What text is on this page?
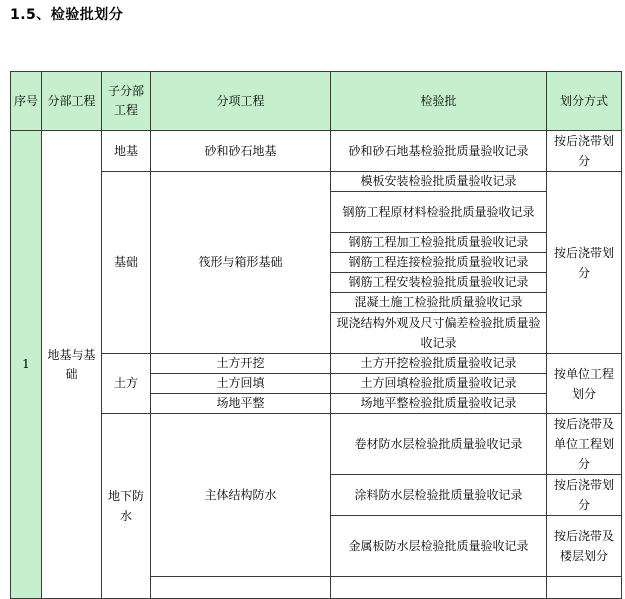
1.5、检验批划分
序号	分部工程	子分部工程	分项工程	检验批	划分方式
1	地基与基础	地基	砂和砂石地基	砂和砂石地基检验批质量验收记录	按后浇带划分
		基础	筏形与箱形基础	模板安装检验批质量验收记录	按后浇带划分
				钢筋工程原材料检验批质量验收记录	
				钢筋工程加工检验批质量验收记录	
				钢筋工程连接检验批质量验收记录	
				钢筋工程安装检验批质量验收记录	
				混凝土施工检验批质量验收记录	
				现浇结构外观及尺寸偏差检验批质量验收记录	
		土方	土方开挖	土方开挖检验批质量验收记录	按单位工程划分
			土方回填	土方回填检验批质量验收记录	
			场地平整	场地平整检验批质量验收记录	
		地下防水	主体结构防水	卷材防水层检验批质量验收记录	按后浇带及单位工程划分
				涂料防水层检验批质量验收记录	按后浇带划分
				金属板防水层检验批质量验收记录	按后浇带及楼层划分
